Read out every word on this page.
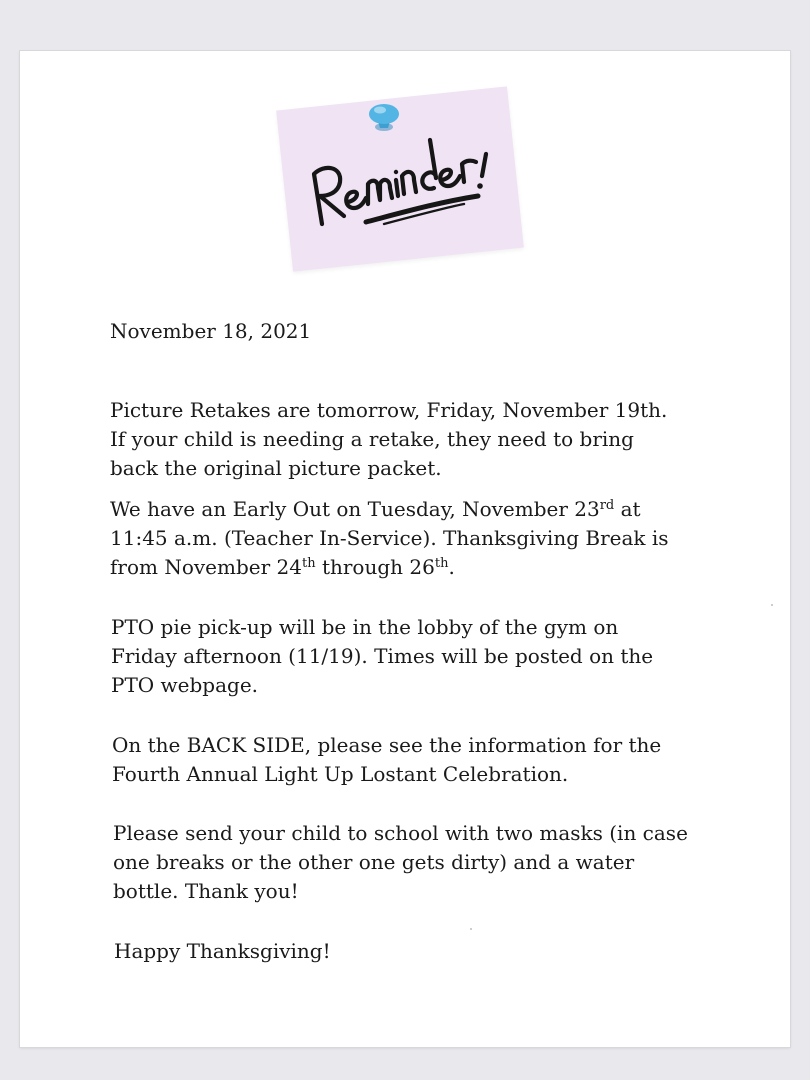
Reminder!

November 18, 2021

Picture Retakes are tomorrow, Friday, November 19th.

If your child is needing a retake, they need to bring

back the original picture packet.

We have an Early Out on Tuesday, November 23rd at

11:45 a.m. (Teacher In-Service). Thanksgiving Break is

from November 24th through 26th.

PTO pie pick-up will be in the lobby of the gym on

Friday afternoon (11/19). Times will be posted on the

PTO webpage.

On the BACK SIDE, please see the information for the

Fourth Annual Light Up Lostant Celebration.

Please send your child to school with two masks (in case

one breaks or the other one gets dirty) and a water

bottle. Thank you!

Happy Thanksgiving!
